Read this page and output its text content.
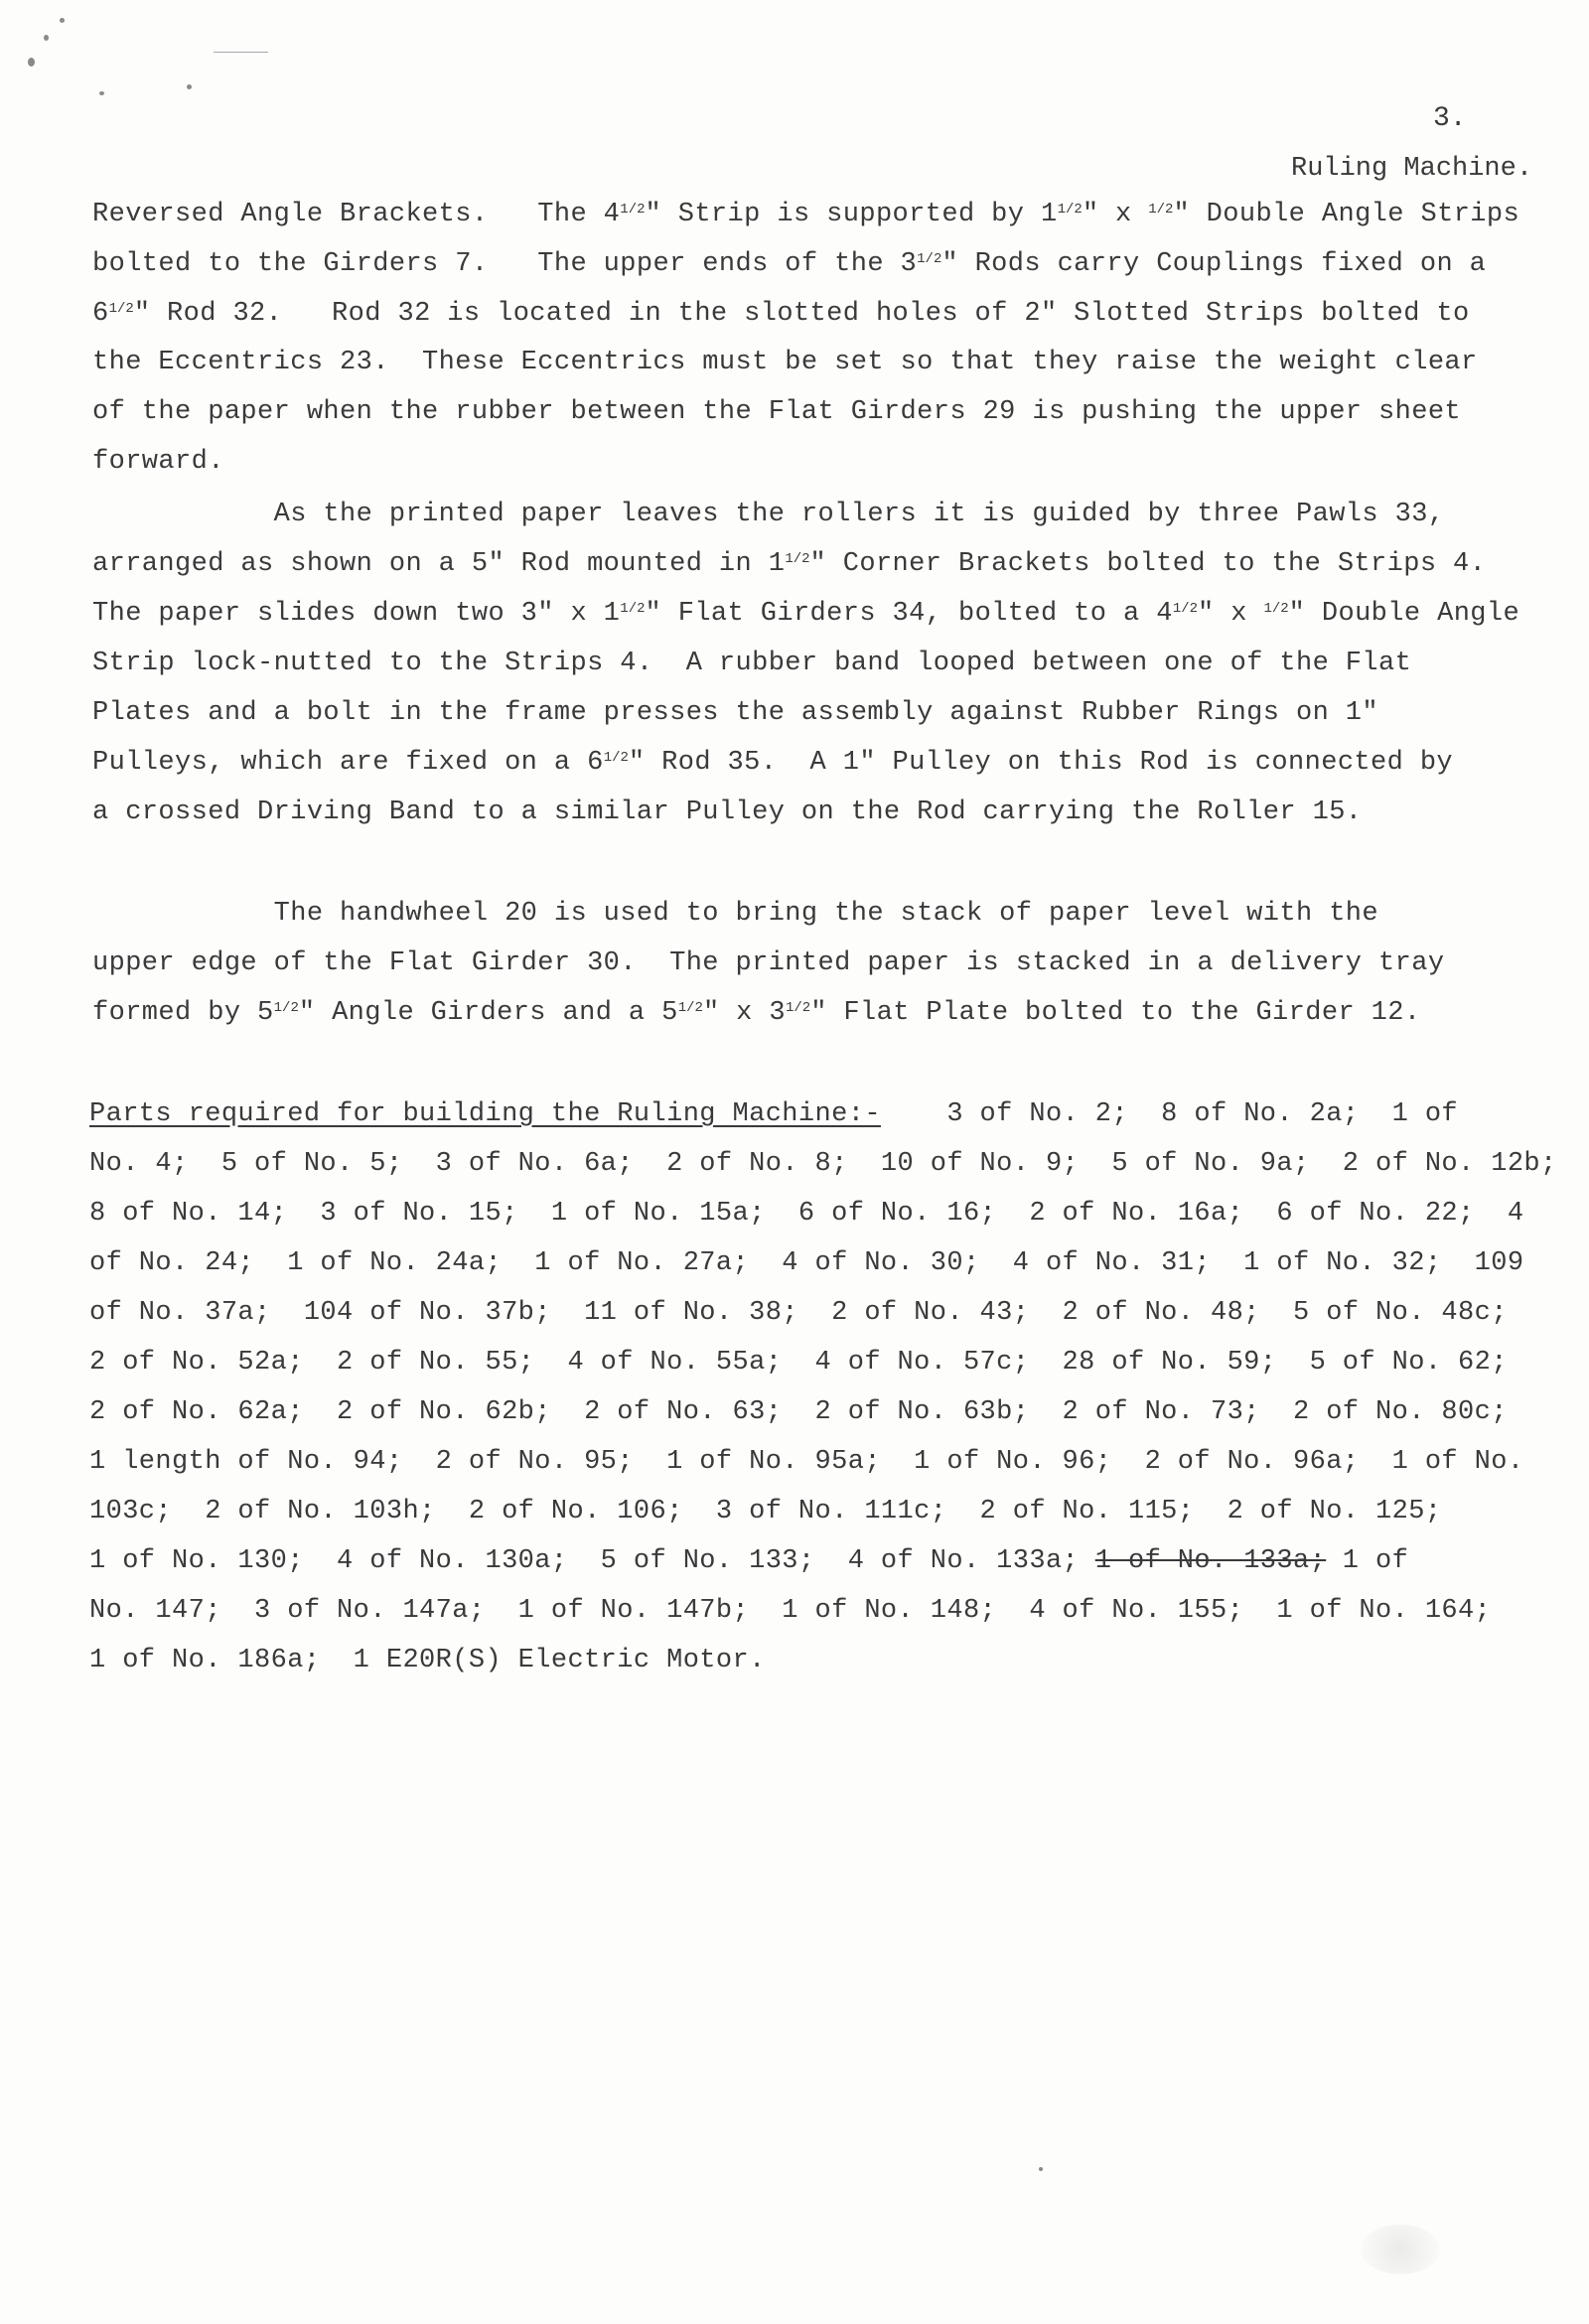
3.
Ruling Machine.
Reversed Angle Brackets.   The $4^{1/2}$" Strip is supported by $1^{1/2}$" x $^{1/2}$" Double Angle Strips
bolted to the Girders 7.   The upper ends of the $3^{1/2}$" Rods carry Couplings fixed on a
$6^{1/2}$" Rod 32.   Rod 32 is located in the slotted holes of 2" Slotted Strips bolted to
the Eccentrics 23.  These Eccentrics must be set so that they raise the weight clear
of the paper when the rubber between the Flat Girders 29 is pushing the upper sheet
forward.
As the printed paper leaves the rollers it is guided by three Pawls 33,
arranged as shown on a 5" Rod mounted in $1^{1/2}$" Corner Brackets bolted to the Strips 4.
The paper slides down two 3" x $1^{1/2}$" Flat Girders 34, bolted to a $4^{1/2}$" x $^{1/2}$" Double Angle
Strip lock-nutted to the Strips 4.  A rubber band looped between one of the Flat
Plates and a bolt in the frame presses the assembly against Rubber Rings on 1"
Pulleys, which are fixed on a $6^{1/2}$" Rod 35.  A 1" Pulley on this Rod is connected by
a crossed Driving Band to a similar Pulley on the Rod carrying the Roller 15.
The handwheel 20 is used to bring the stack of paper level with the
upper edge of the Flat Girder 30.  The printed paper is stacked in a delivery tray
formed by $5^{1/2}$" Angle Girders and a $5^{1/2}$" x $3^{1/2}$" Flat Plate bolted to the Girder 12.
Parts required for building the Ruling Machine:-    3 of No. 2;  8 of No. 2a;  1 of
No. 4;  5 of No. 5;  3 of No. 6a;  2 of No. 8;  10 of No. 9;  5 of No. 9a;  2 of No. 12b;
8 of No. 14;  3 of No. 15;  1 of No. 15a;  6 of No. 16;  2 of No. 16a;  6 of No. 22;  4
of No. 24;  1 of No. 24a;  1 of No. 27a;  4 of No. 30;  4 of No. 31;  1 of No. 32;  109
of No. 37a;  104 of No. 37b;  11 of No. 38;  2 of No. 43;  2 of No. 48;  5 of No. 48c;
2 of No. 52a;  2 of No. 55;  4 of No. 55a;  4 of No. 57c;  28 of No. 59;  5 of No. 62;
2 of No. 62a;  2 of No. 62b;  2 of No. 63;  2 of No. 63b;  2 of No. 73;  2 of No. 80c;
1 length of No. 94;  2 of No. 95;  1 of No. 95a;  1 of No. 96;  2 of No. 96a;  1 of No.
103c;  2 of No. 103h;  2 of No. 106;  3 of No. 111c;  2 of No. 115;  2 of No. 125;
1 of No. 130;  4 of No. 130a;  5 of No. 133;  4 of No. 133a; 1 of No. 133a; 1 of
No. 147;  3 of No. 147a;  1 of No. 147b;  1 of No. 148;  4 of No. 155;  1 of No. 164;
1 of No. 186a;  1 E20R(S) Electric Motor.
